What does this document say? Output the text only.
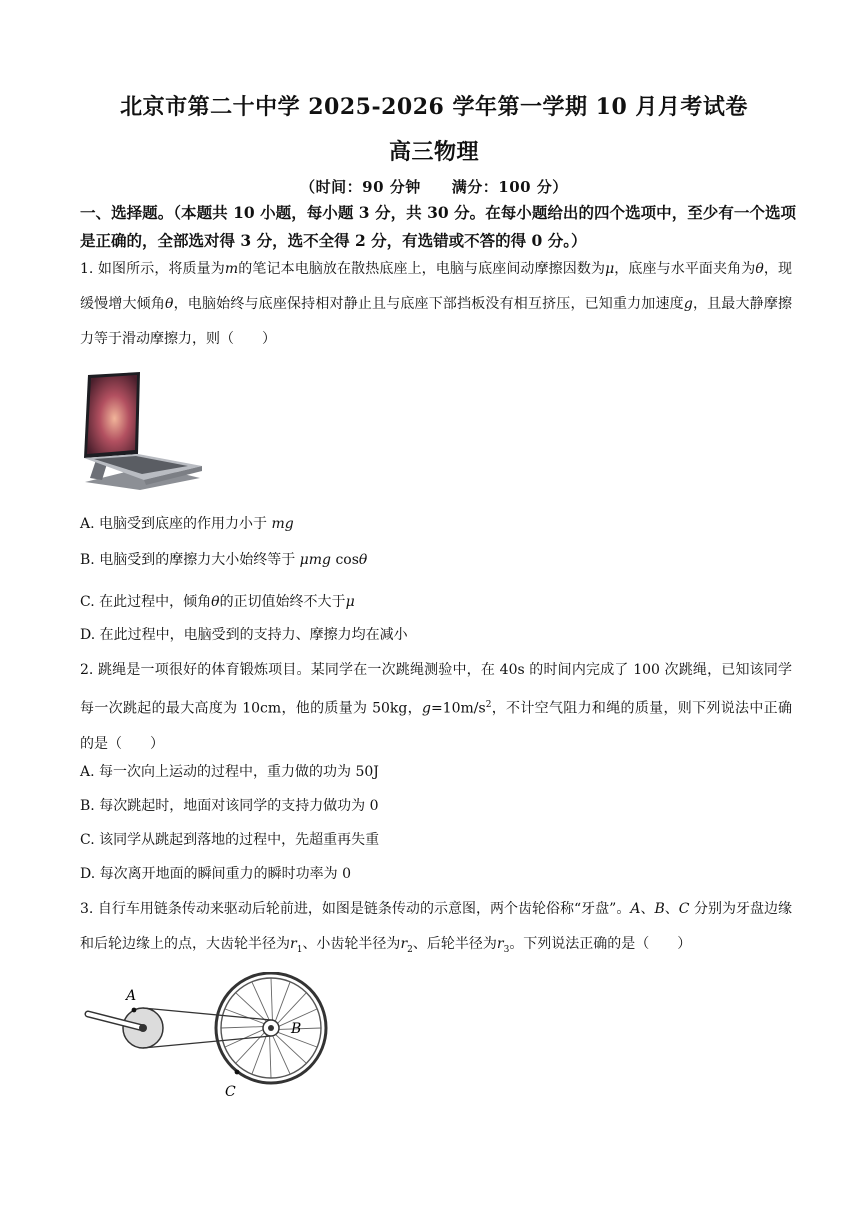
北京市第二十中学 2025-2026 学年第一学期 10 月月考试卷
高三物理
（时间：90 分钟　　满分：100 分）
一、选择题。（本题共 10 小题，每小题 3 分，共 30 分。在每小题给出的四个选项中，至少有一个选项是正确的，全部选对得 3 分，选不全得 2 分，有选错或不答的得 0 分。）
1. 如图所示，将质量为m的笔记本电脑放在散热底座上，电脑与底座间动摩擦因数为μ，底座与水平面夹角为θ，现缓慢增大倾角θ，电脑始终与底座保持相对静止且与底座下部挡板没有相互挤压，已知重力加速度g，且最大静摩擦力等于滑动摩擦力，则（　　）
A. 电脑受到底座的作用力小于 mg
B. 电脑受到的摩擦力大小始终等于 μmg cosθ
C. 在此过程中，倾角θ的正切值始终不大于μ
D. 在此过程中，电脑受到的支持力、摩擦力均在减小
2. 跳绳是一项很好的体育锻炼项目。某同学在一次跳绳测验中，在 40s 的时间内完成了 100 次跳绳，已知该同学每一次跳起的最大高度为 10cm，他的质量为 50kg，$g=10m/s^2$，不计空气阻力和绳的质量，则下列说法中正确的是（　　）
A. 每一次向上运动的过程中，重力做的功为 50J
B. 每次跳起时，地面对该同学的支持力做功为 0
C. 该同学从跳起到落地的过程中，先超重再失重
D. 每次离开地面的瞬间重力的瞬时功率为 0
3. 自行车用链条传动来驱动后轮前进，如图是链条传动的示意图，两个齿轮俗称“牙盘”。A、B、C 分别为牙盘边缘和后轮边缘上的点，大齿轮半径为$r_1$、小齿轮半径为$r_2$、后轮半径为$r_3$。下列说法正确的是（　　）
A
B
C
